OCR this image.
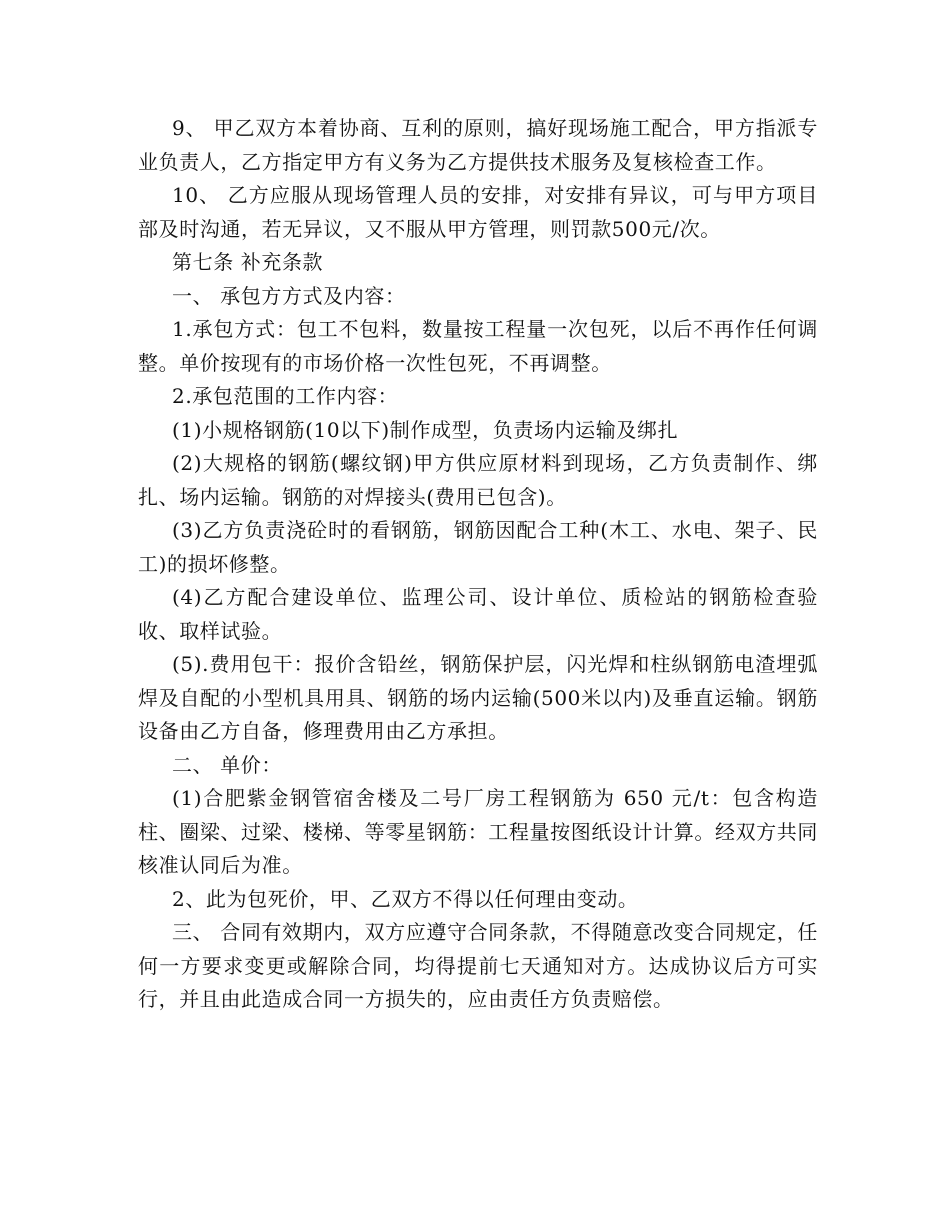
9、 甲乙双方本着协商、互利的原则，搞好现场施工配合，甲方指派专业负责人，乙方指定甲方有义务为乙方提供技术服务及复核检查工作。

10、 乙方应服从现场管理人员的安排，对安排有异议，可与甲方项目部及时沟通，若无异议，又不服从甲方管理，则罚款500元/次。

第七条 补充条款

一、 承包方方式及内容：

1.承包方式：包工不包料，数量按工程量一次包死，以后不再作任何调整。单价按现有的市场价格一次性包死，不再调整。

2.承包范围的工作内容：

(1)小规格钢筋(10以下)制作成型，负责场内运输及绑扎

(2)大规格的钢筋(螺纹钢)甲方供应原材料到现场，乙方负责制作、绑扎、场内运输。钢筋的对焊接头(费用已包含)。

(3)乙方负责浇砼时的看钢筋，钢筋因配合工种(木工、水电、架子、民工)的损坏修整。

(4)乙方配合建设单位、监理公司、设计单位、质检站的钢筋检查验收、取样试验。

(5).费用包干：报价含铅丝，钢筋保护层，闪光焊和柱纵钢筋电渣埋弧焊及自配的小型机具用具、钢筋的场内运输(500米以内)及垂直运输。钢筋设备由乙方自备，修理费用由乙方承担。

二、 单价：

(1)合肥紫金钢管宿舍楼及二号厂房工程钢筋为 650 元/t：包含构造柱、圈梁、过梁、楼梯、等零星钢筋：工程量按图纸设计计算。经双方共同核准认同后为准。

2、此为包死价，甲、乙双方不得以任何理由变动。

三、 合同有效期内，双方应遵守合同条款，不得随意改变合同规定，任何一方要求变更或解除合同，均得提前七天通知对方。达成协议后方可实行，并且由此造成合同一方损失的，应由责任方负责赔偿。
